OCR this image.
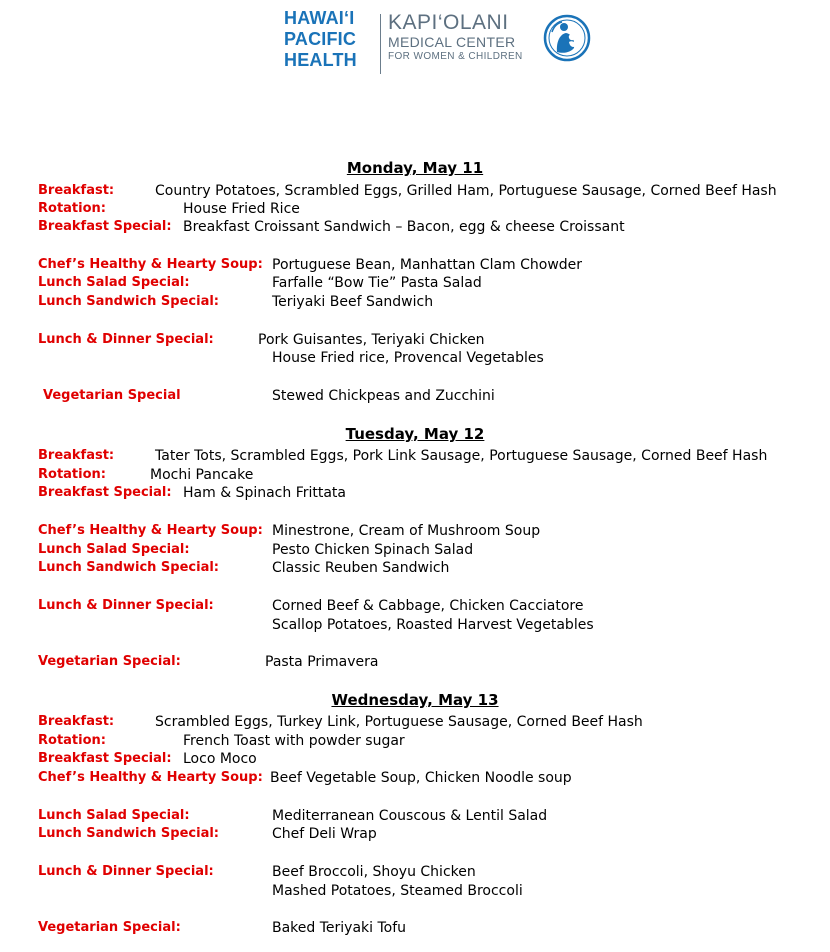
HAWAI‘I
PACIFIC
HEALTH
KAPI‘OLANI
MEDICAL CENTER
FOR WOMEN & CHILDREN
Monday, May 11
Breakfast:	Country Potatoes, Scrambled Eggs, Grilled Ham, Portuguese Sausage, Corned Beef Hash
Rotation:	House Fried Rice
Breakfast Special: Breakfast Croissant Sandwich – Bacon, egg & cheese Croissant
Chef’s Healthy & Hearty Soup: Portuguese Bean, Manhattan Clam Chowder
Lunch Salad Special:	Farfalle “Bow Tie” Pasta Salad
Lunch Sandwich Special:	Teriyaki Beef Sandwich
Lunch & Dinner Special:	Pork Guisantes, Teriyaki Chicken
House Fried rice, Provencal Vegetables
Vegetarian Special	Stewed Chickpeas and Zucchini
Tuesday, May 12
Breakfast:	Tater Tots, Scrambled Eggs, Pork Link Sausage, Portuguese Sausage, Corned Beef Hash
Rotation:	Mochi Pancake
Breakfast Special: Ham & Spinach Frittata
Chef’s Healthy & Hearty Soup: Minestrone, Cream of Mushroom Soup
Lunch Salad Special:	Pesto Chicken Spinach Salad
Lunch Sandwich Special:	Classic Reuben Sandwich
Lunch & Dinner Special:	Corned Beef & Cabbage, Chicken Cacciatore
Scallop Potatoes, Roasted Harvest Vegetables
Vegetarian Special:	Pasta Primavera
Wednesday, May 13
Breakfast:	Scrambled Eggs, Turkey Link, Portuguese Sausage, Corned Beef Hash
Rotation:	French Toast with powder sugar
Breakfast Special: Loco Moco
Chef’s Healthy & Hearty Soup: Beef Vegetable Soup, Chicken Noodle soup
Lunch Salad Special:	Mediterranean Couscous & Lentil Salad
Lunch Sandwich Special:	Chef Deli Wrap
Lunch & Dinner Special:	Beef Broccoli, Shoyu Chicken
Mashed Potatoes, Steamed Broccoli
Vegetarian Special:	Baked Teriyaki Tofu
